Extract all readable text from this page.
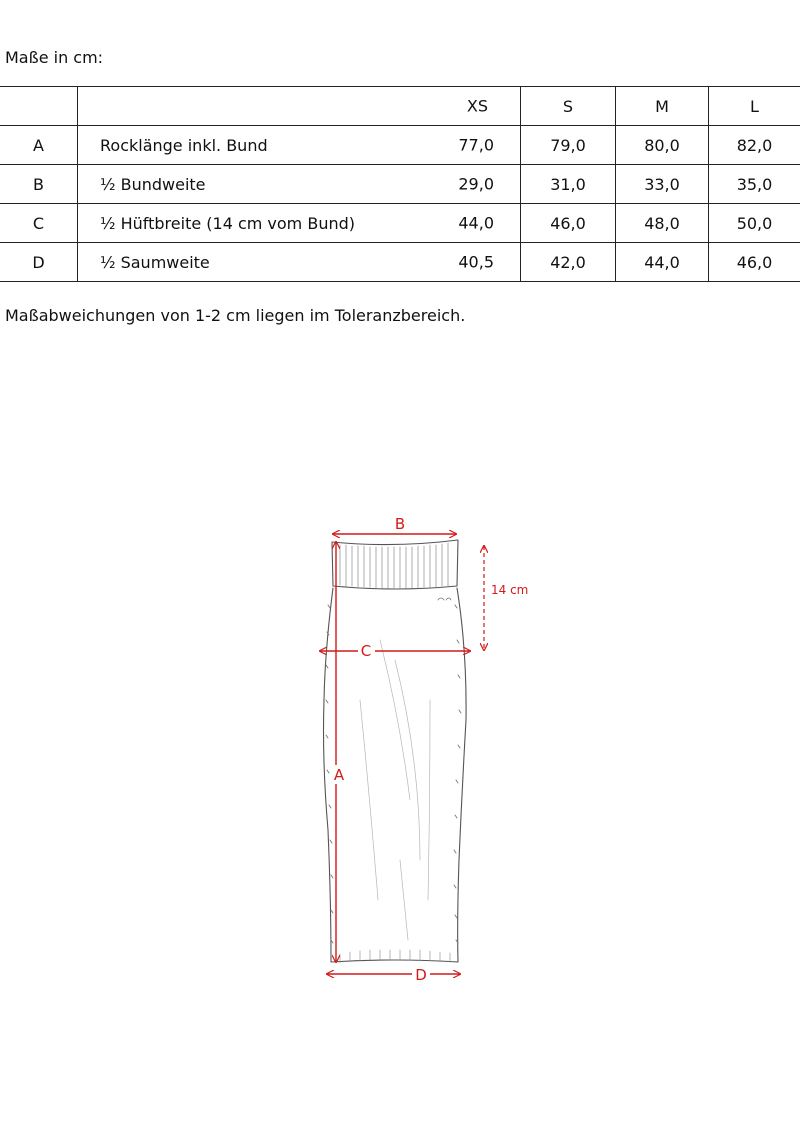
Maße in cm:

	XS	S	M	L
A	Rocklänge inkl. Bund 77,0	79,0	80,0	82,0
B	½ Bundweite 29,0	31,0	33,0	35,0
C	½ Hüftbreite (14 cm vom Bund) 44,0	46,0	48,0	50,0
D	½ Saumweite 40,5	42,0	44,0	46,0
Maßabweichungen von 1-2 cm liegen im Toleranzbereich.
B
14 cm
C
A
D
